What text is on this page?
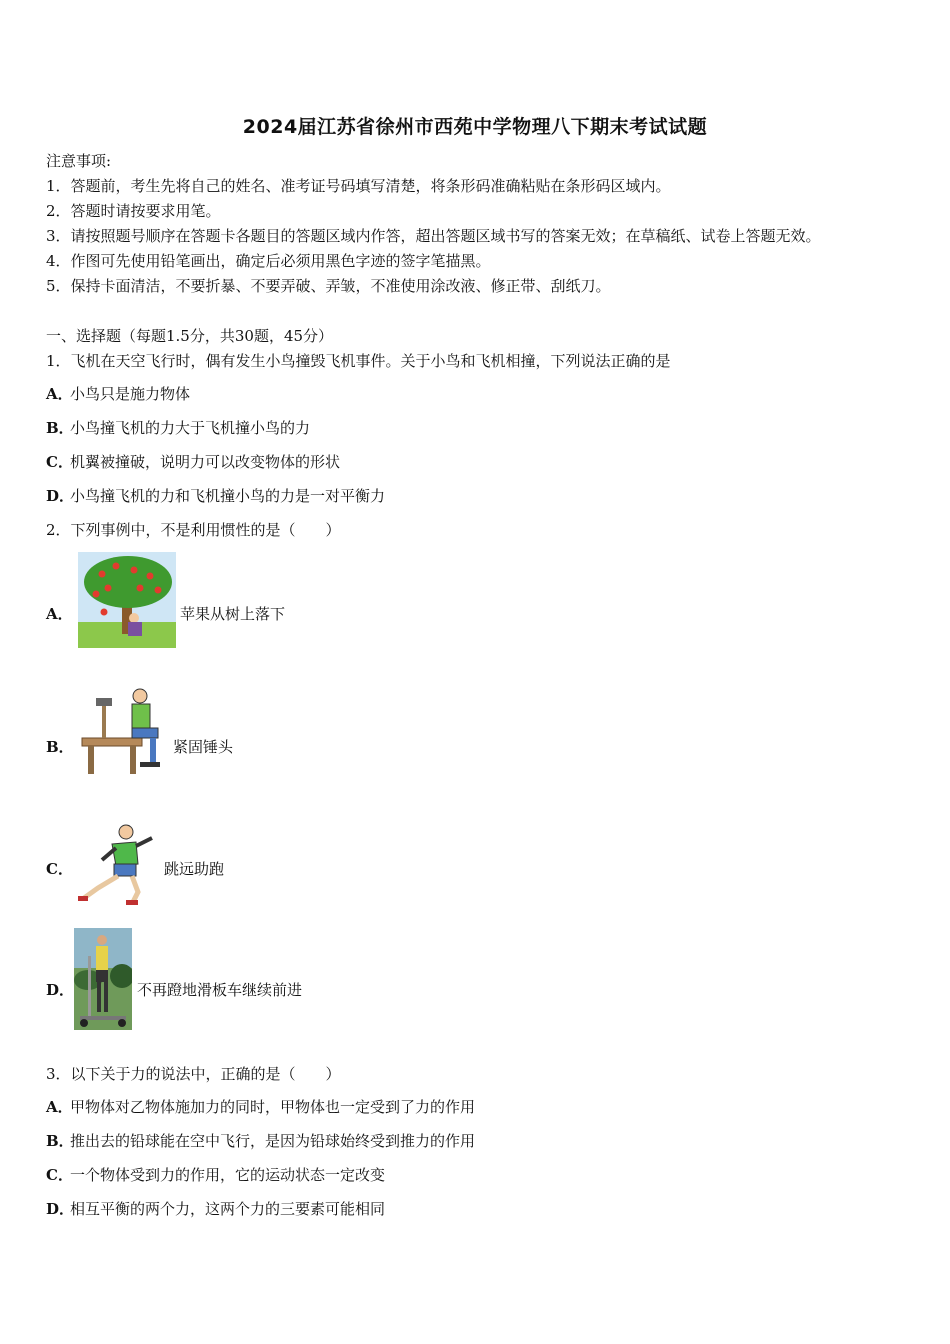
2024届江苏省徐州市西苑中学物理八下期末考试试题
注意事项:
1．答题前，考生先将自己的姓名、准考证号码填写清楚，将条形码准确粘贴在条形码区域内。
2．答题时请按要求用笔。
3．请按照题号顺序在答题卡各题目的答题区域内作答，超出答题区域书写的答案无效；在草稿纸、试卷上答题无效。
4．作图可先使用铅笔画出，确定后必须用黑色字迹的签字笔描黑。
5．保持卡面清洁，不要折暴、不要弄破、弄皱，不准使用涂改液、修正带、刮纸刀。
一、选择题（每题1.5分，共30题，45分）
1．飞机在天空飞行时，偶有发生小鸟撞毁飞机事件。关于小鸟和飞机相撞，下列说法正确的是
A．小鸟只是施力物体
B．小鸟撞飞机的力大于飞机撞小鸟的力
C．机翼被撞破，说明力可以改变物体的形状
D．小鸟撞飞机的力和飞机撞小鸟的力是一对平衡力
2．下列事例中，不是利用惯性的是（　　）
A．	苹果从树上落下
B．	紧固锤头
C．	跳远助跑
D．	不再蹬地滑板车继续前进
3．以下关于力的说法中，正确的是（　　）
A．甲物体对乙物体施加力的同时，甲物体也一定受到了力的作用
B．推出去的铅球能在空中飞行，是因为铅球始终受到推力的作用
C．一个物体受到力的作用，它的运动状态一定改变
D．相互平衡的两个力，这两个力的三要素可能相同
